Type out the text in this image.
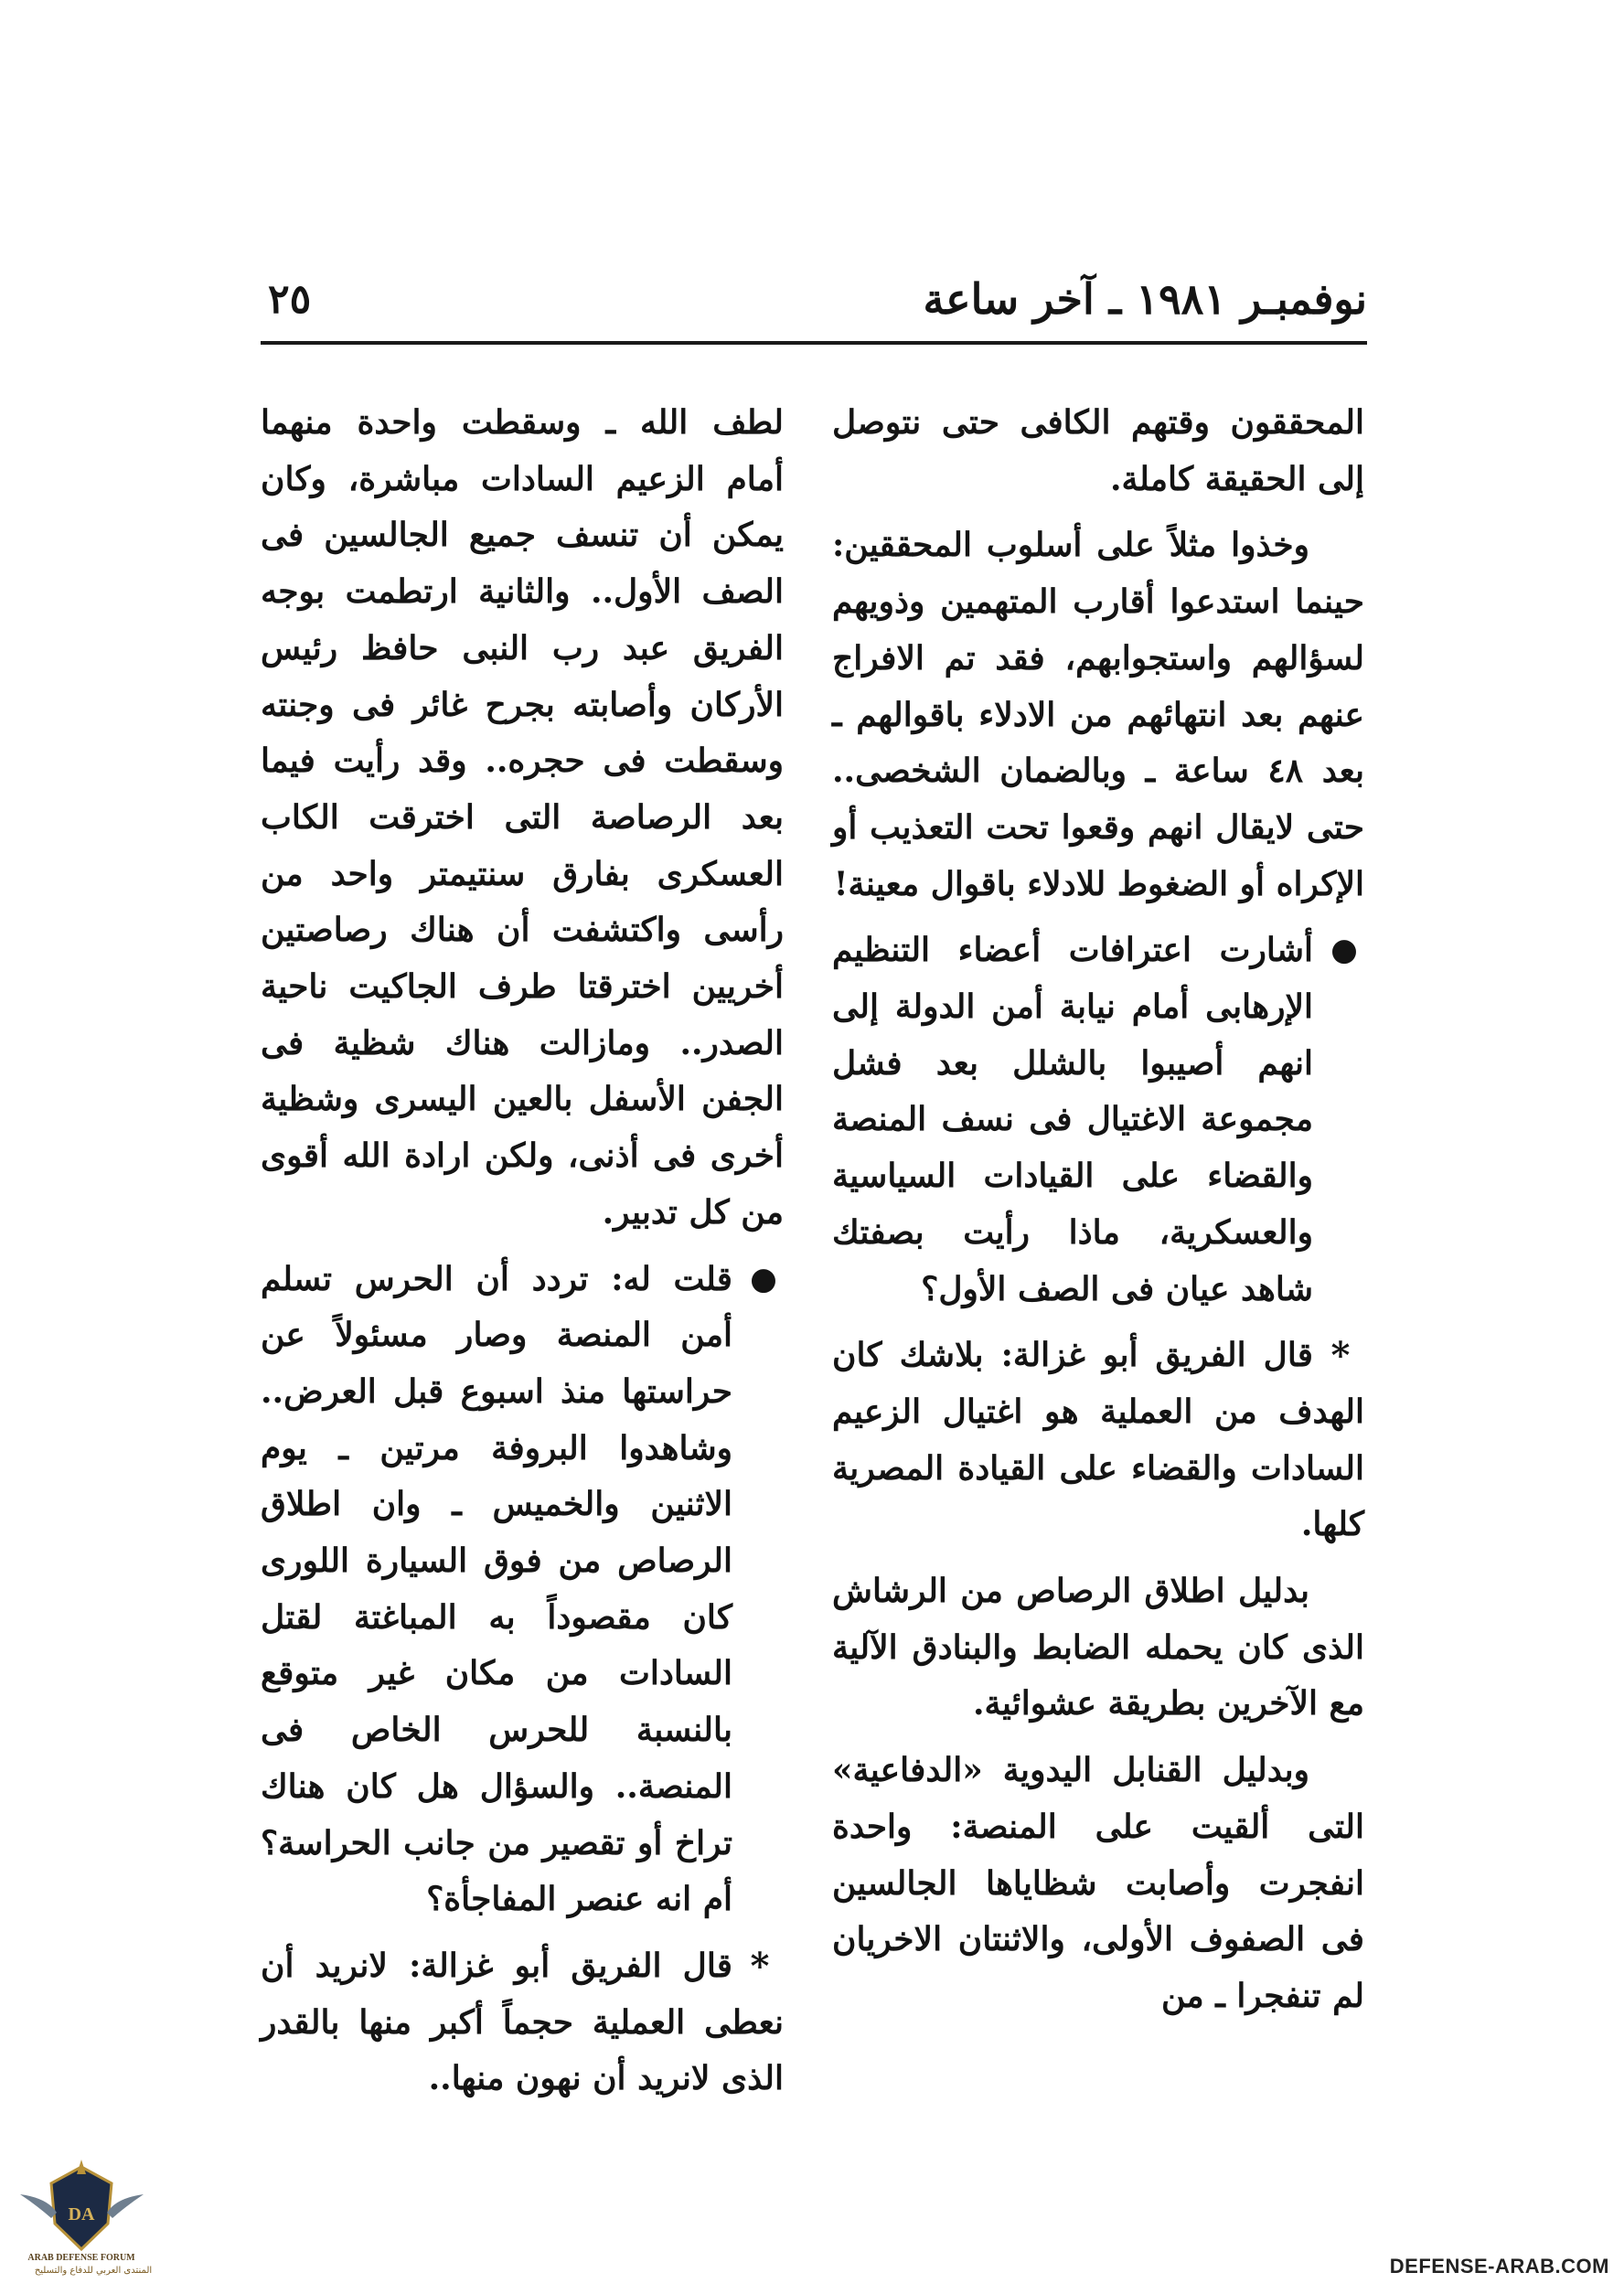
نوفمبـر ١٩٨١ ـ آخر ساعة
٢٥

المحققون وقتهم الكافى حتى نتوصل إلى الحقيقة كاملة.

وخذوا مثلاً على أسلوب المحققين: حينما استدعوا أقارب المتهمين وذويهم لسؤالهم واستجوابهم، فقد تم الافراج عنهم بعد انتهائهم من الادلاء باقوالهم ـ بعد ٤٨ ساعة ـ وبالضمان الشخصى.. حتى لايقال انهم وقعوا تحت التعذيب أو الإكراه أو الضغوط للادلاء باقوال معينة!

●
أشارت اعترافات أعضاء التنظيم الإرهابى أمام نيابة أمن الدولة إلى انهم أصيبوا بالشلل بعد فشل مجموعة الاغتيال فى نسف المنصة والقضاء على القيادات السياسية والعسكرية، ماذا رأيت بصفتك شاهد عيان فى الصف الأول؟
*
قال الفريق أبو غزالة: بلاشك كان الهدف من العملية هو اغتيال الزعيم السادات والقضاء على القيادة المصرية كلها.

بدليل اطلاق الرصاص من الرشاش الذى كان يحمله الضابط والبنادق الآلية مع الآخرين بطريقة عشوائية.

وبدليل القنابل اليدوية «الدفاعية» التى ألقيت على المنصة: واحدة انفجرت وأصابت شظاياها الجالسين فى الصفوف الأولى، والاثنتان الاخريان لم تنفجرا ـ من

لطف الله ـ وسقطت واحدة منهما أمام الزعيم السادات مباشرة، وكان يمكن أن تنسف جميع الجالسين فى الصف الأول.. والثانية ارتطمت بوجه الفريق عبد رب النبى حافظ رئيس الأركان وأصابته بجرح غائر فى وجنته وسقطت فى حجره.. وقد رأيت فيما بعد الرصاصة التى اخترقت الكاب العسكرى بفارق سنتيمتر واحد من رأسى واكتشفت أن هناك رصاصتين أخريين اخترقتا طرف الجاكيت ناحية الصدر.. ومازالت هناك شظية فى الجفن الأسفل بالعين اليسرى وشظية أخرى فى أذنى، ولكن ارادة الله أقوى من كل تدبير.

●
قلت له: تردد أن الحرس تسلم أمن المنصة وصار مسئولاً عن حراستها منذ اسبوع قبل العرض.. وشاهدوا البروفة مرتين ـ يوم الاثنين والخميس ـ وان اطلاق الرصاص من فوق السيارة اللورى كان مقصوداً به المباغتة لقتل السادات من مكان غير متوقع بالنسبة للحرس الخاص فى المنصة.. والسؤال هل كان هناك تراخ أو تقصير من جانب الحراسة؟ أم انه عنصر المفاجأة؟
*
قال الفريق أبو غزالة: لانريد أن نعطى العملية حجماً أكبر منها بالقدر الذى لانريد أن نهون منها..
DA
ARAB DEFENSE FORUM
المنتدى العربي للدفاع والتسليح	DEFENSE-ARAB.COM
